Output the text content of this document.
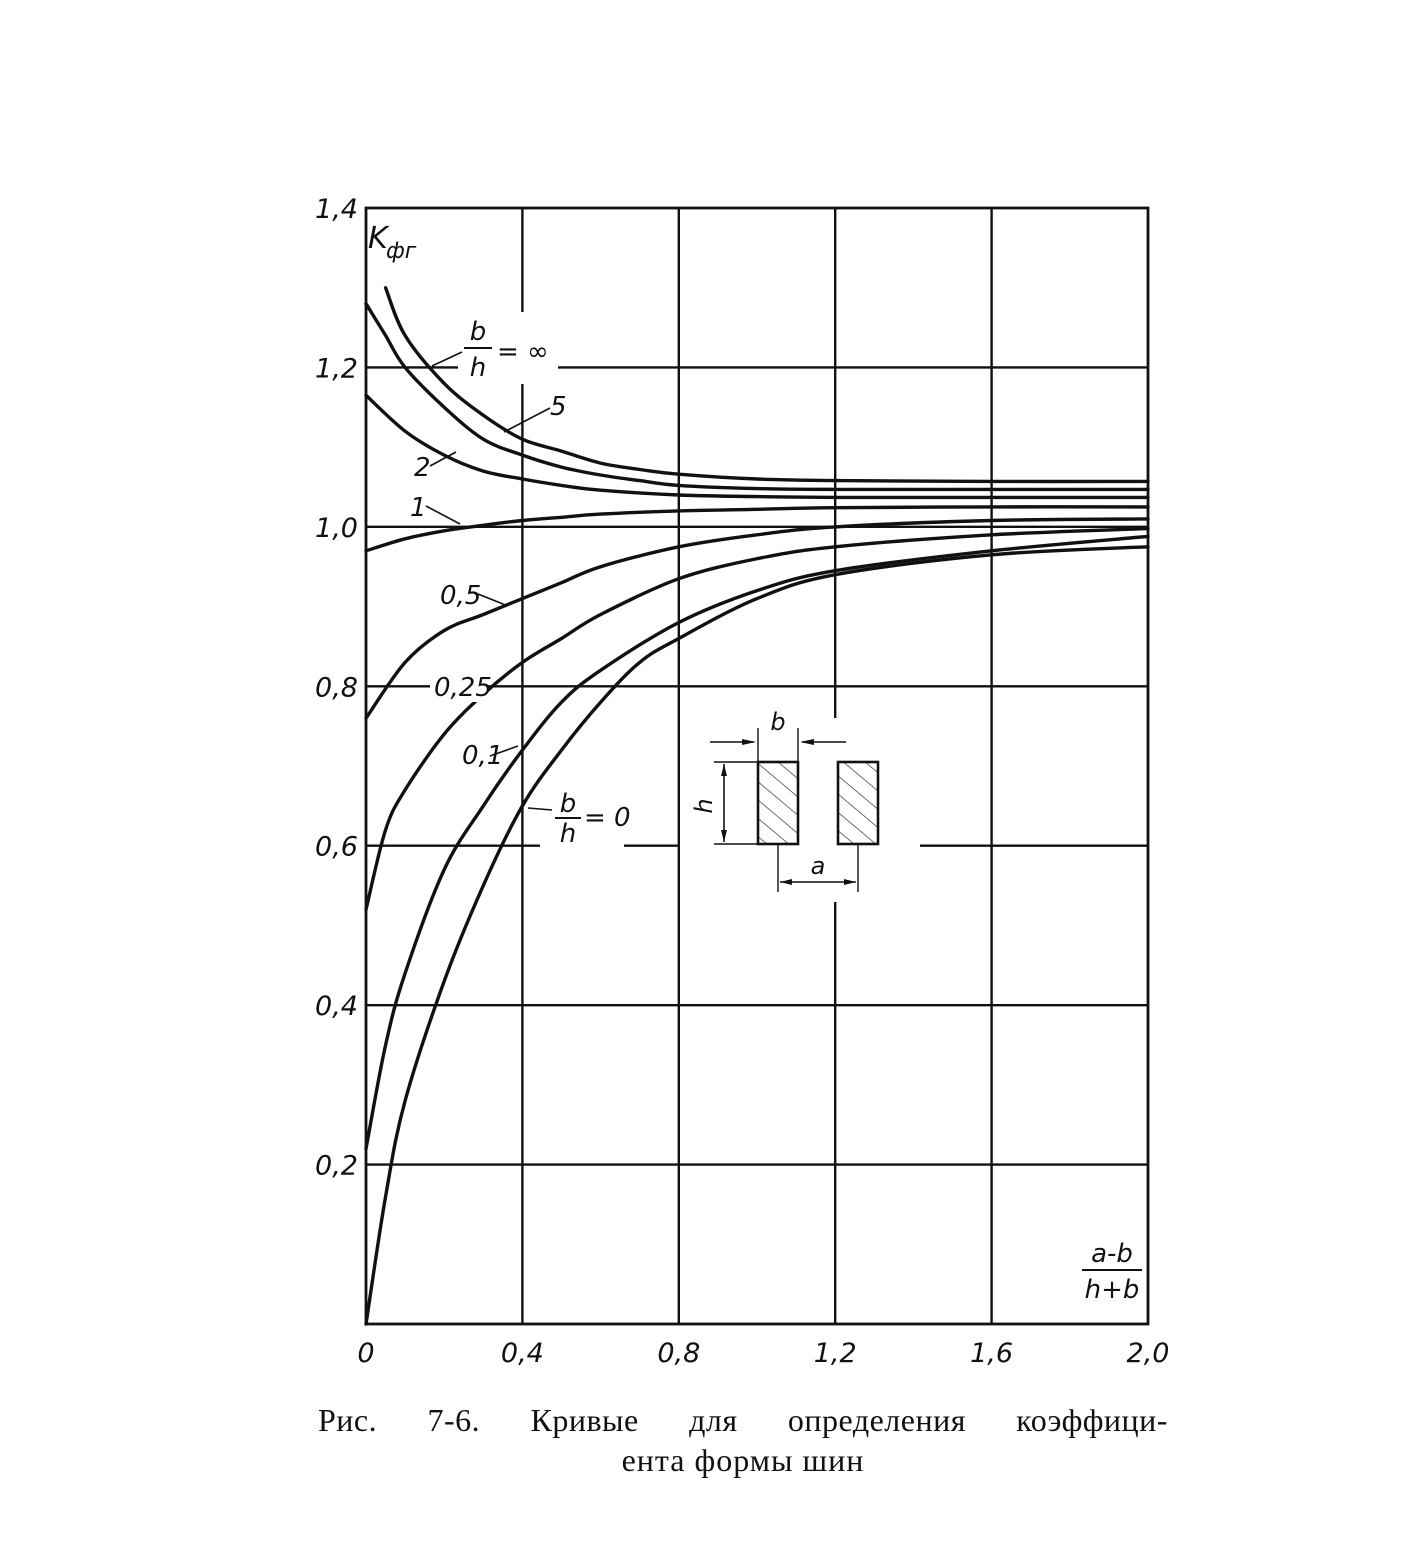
0	0,4	0,8	1,2	1,6	2,0
0,2
0,4
0,6
0,8
1,0
1,2
1,4
K
фг
a-b
h+b
b
h
= ∞
5
2
1
0,5
0,25
0,1
b
h
= 0
b
h
a
Рис. 7-6. Кривые для определения коэффици-
ента формы шин
